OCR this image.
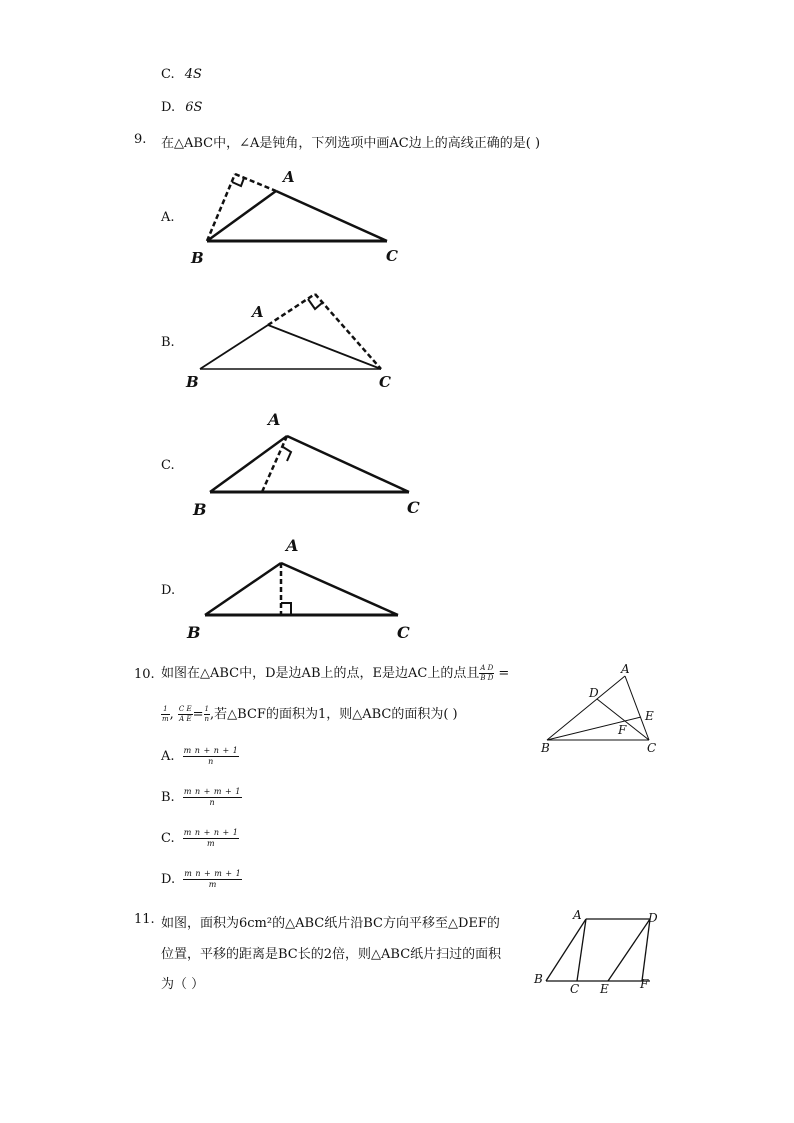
C. 4S
D. 6S
9. 在△ABC中，∠A是钝角，下列选项中画AC边上的高线正确的是( )
A.
A
B	C
B.
A
B	C
C.
A
B	C
D.
A
B	C
10. 如图在△ABC中，D是边AB上的点，E是边AC上的点且 $\frac{\text{A D}}{\text{B D}}$ =
$\frac{1}{m}$ , $\frac{\text{C E}}{\text{A E}} = \frac{1}{n}$ ,若△BCF的面积为1，则△ABC的面积为( )
A. $\frac{\text{m n + n + 1}}{n}$
B. $\frac{\text{m n + m + 1}}{n}$
C. $\frac{\text{m n + n + 1}}{m}$
D. $\frac{\text{m n + m + 1}}{m}$
A
D
E
F
B	C
11. 如图，面积为6cm²的△ABC纸片沿BC方向平移至△DEF的
位置，平移的距离是BC长的2倍，则△ABC纸片扫过的面积
为（ ）
A	D
B
C E	F
